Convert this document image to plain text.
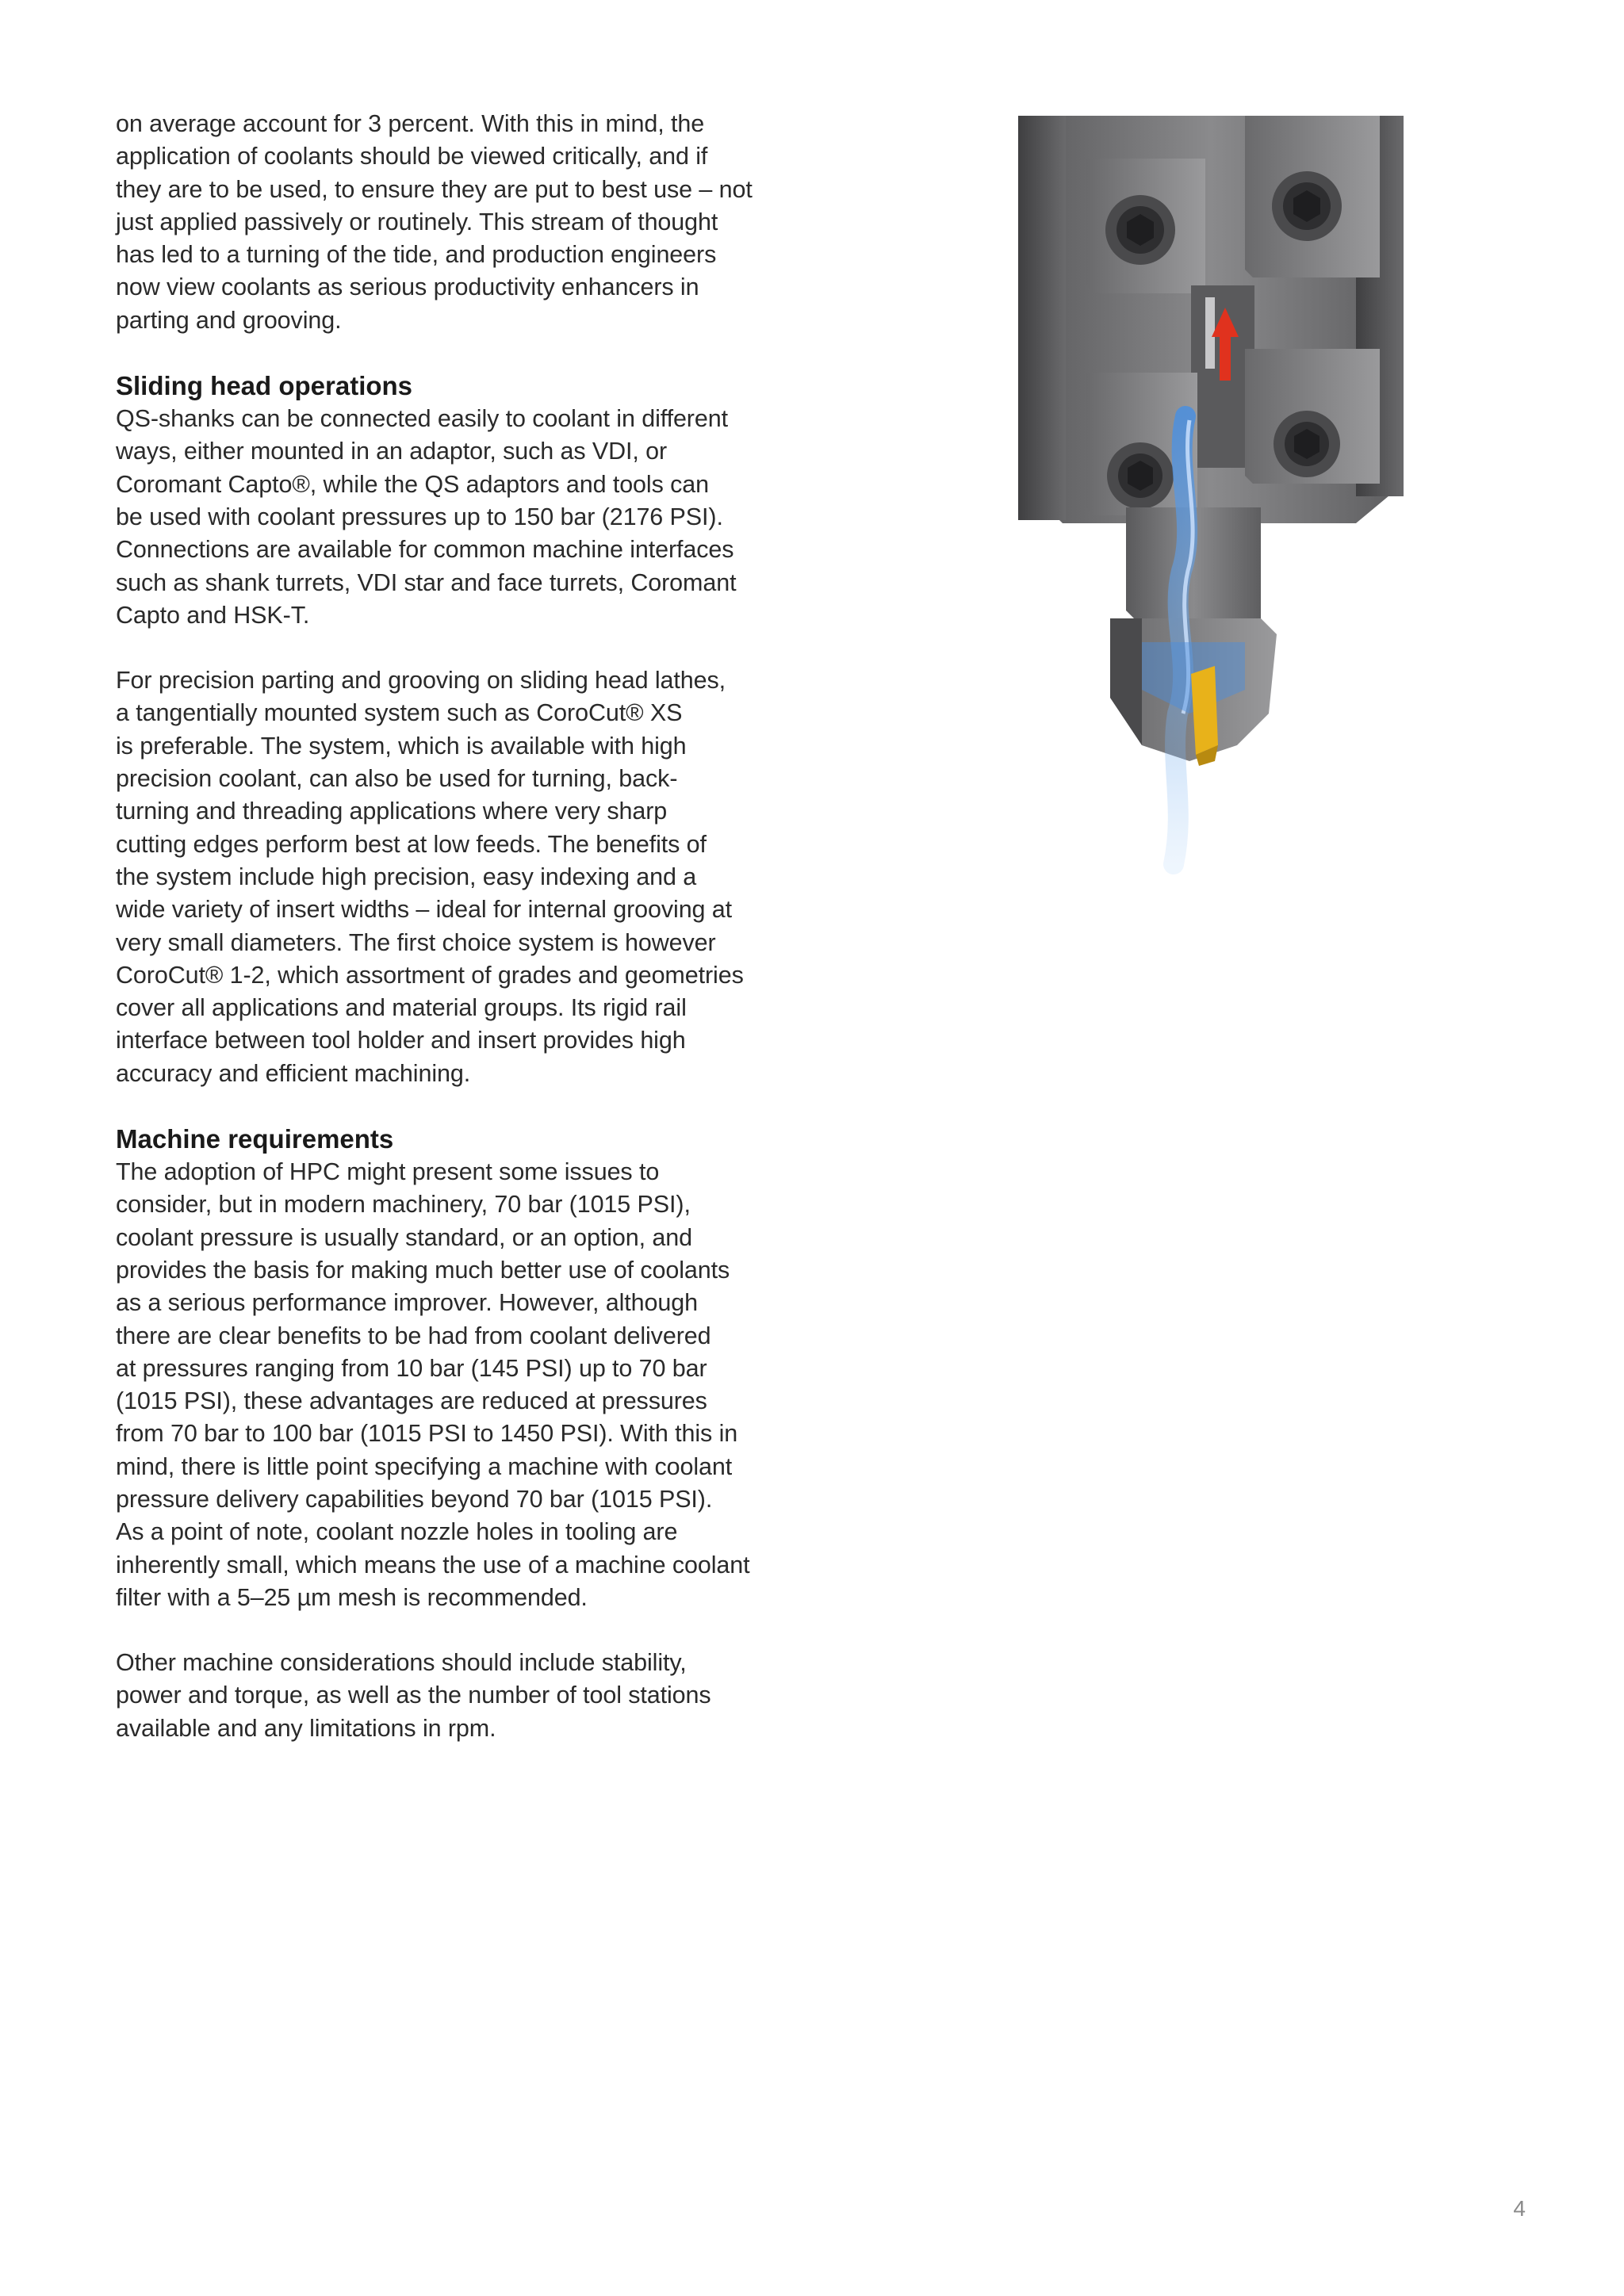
on average account for 3 percent. With this in mind, the
application of coolants should be viewed critically, and if
they are to be used, to ensure they are put to best use – not
just applied passively or routinely. This stream of thought
has led to a turning of the tide, and production engineers
now view coolants as serious productivity enhancers in
parting and grooving.

Sliding head operations

QS-shanks can be connected easily to coolant in different
ways, either mounted in an adaptor, such as VDI, or
Coromant Capto®, while the QS adaptors and tools can
be used with coolant pressures up to 150 bar (2176 PSI).
Connections are available for common machine interfaces
such as shank turrets, VDI star and face turrets, Coromant
Capto and HSK-T.

For precision parting and grooving on sliding head lathes,
a tangentially mounted system such as CoroCut® XS
is preferable. The system, which is available with high
precision coolant, can also be used for turning, back-
turning and threading applications where very sharp
cutting edges perform best at low feeds. The benefits of
the system include high precision, easy indexing and a
wide variety of insert widths – ideal for internal grooving at
very small diameters. The first choice system is however
CoroCut® 1-2, which assortment of grades and geometries
cover all applications and material groups. Its rigid rail
interface between tool holder and insert provides high
accuracy and efficient machining.

Machine requirements

The adoption of HPC might present some issues to
consider, but in modern machinery, 70 bar (1015 PSI),
coolant pressure is usually standard, or an option, and
provides the basis for making much better use of coolants
as a serious performance improver. However, although
there are clear benefits to be had from coolant delivered
at pressures ranging from 10 bar (145 PSI) up to 70 bar
(1015 PSI), these advantages are reduced at pressures
from 70 bar to 100 bar (1015 PSI to 1450 PSI). With this in
mind, there is little point specifying a machine with coolant
pressure delivery capabilities beyond 70 bar (1015 PSI).
As a point of note, coolant nozzle holes in tooling are
inherently small, which means the use of a machine coolant
filter with a 5–25 µm mesh is recommended.

Other machine considerations should include stability,
power and torque, as well as the number of tool stations
available and any limitations in rpm.

4
